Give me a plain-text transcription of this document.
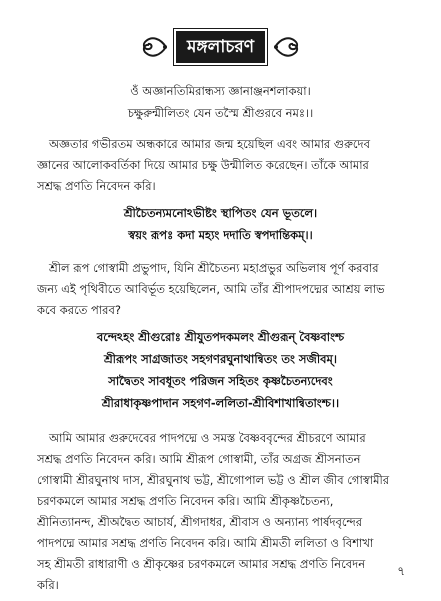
মঙ্গলাচরণ
ওঁ অজ্ঞানতিমিরান্ধস্য জ্ঞানাঞ্জনশলাকয়া।
চক্ষুরুন্মীলিতং যেন তস্মৈ শ্রীগুরবে নমঃ।।
অজ্ঞতার গভীরতম অন্ধকারে আমার জন্ম হয়েছিল এবং আমার গুরুদেব
জ্ঞানের আলোকবর্তিকা দিয়ে আমার চক্ষু উন্মীলিত করেছেন। তাঁকে আমার
সশ্রদ্ধ প্রণতি নিবেদন করি।
শ্রীচৈতন্যমনোঽভীষ্টং স্থাপিতং যেন ভূতলে।
স্বয়ং রূপঃ কদা মহ্যং দদাতি স্বপদান্তিকম্।।
শ্রীল রূপ গোস্বামী প্রভুপাদ, যিনি শ্রীচৈতন্য মহাপ্রভুর অভিলাষ পূর্ণ করবার
জন্য এই পৃথিবীতে আবির্ভূত হয়েছিলেন, আমি তাঁর শ্রীপাদপদ্মের আশ্রয় লাভ
কবে করতে পারব?
বন্দেঽহং শ্রীগুরোঃ শ্রীযুতপদকমলং শ্রীগুরূন্ বৈষ্ণবাংশ্চ
শ্রীরূপং সাগ্রজাতং সহগণরঘুনাথান্বিতং তং সজীবম্।
সাদ্বৈতং সাবধূতং পরিজন সহিতং কৃষ্ণচৈতন্যদেবং
শ্রীরাধাকৃষ্ণপাদান সহগণ-ললিতা-শ্রীবিশাখান্বিতাংশ্চ।।
আমি আমার গুরুদেবের পাদপদ্মে ও সমস্ত বৈষ্ণববৃন্দের শ্রীচরণে আমার
সশ্রদ্ধ প্রণতি নিবেদন করি। আমি শ্রীরূপ গোস্বামী, তাঁর অগ্রজ শ্রীসনাতন
গোস্বামী শ্রীরঘুনাথ দাস, শ্রীরঘুনাথ ভট্ট, শ্রীগোপাল ভট্ট ও শ্রীল জীব গোস্বামীর
চরণকমলে আমার সশ্রদ্ধ প্রণতি নিবেদন করি। আমি শ্রীকৃষ্ণচৈতন্য,
শ্রীনিত্যানন্দ, শ্রীঅদ্বৈত আচার্য, শ্রীগদাধর, শ্রীবাস ও অন্যান্য পার্ষদবৃন্দের
পাদপদ্মে আমার সশ্রদ্ধ প্রণতি নিবেদন করি। আমি শ্রীমতী ললিতা ও বিশাখা
সহ শ্রীমতী রাধারাণী ও শ্রীকৃষ্ণের চরণকমলে আমার সশ্রদ্ধ প্রণতি নিবেদন
করি।
৭
